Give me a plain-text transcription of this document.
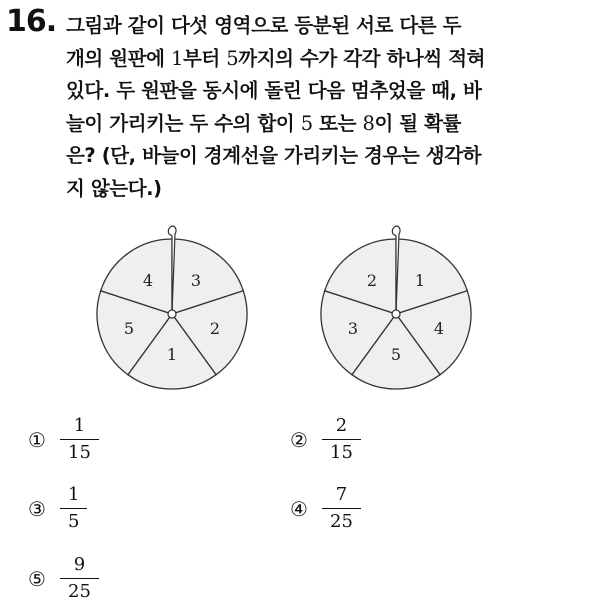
16. 그림과 같이 다섯 영역으로 등분된 서로 다른 두
개의 원판에 1부터 5까지의 수가 각각 하나씩 적혀
있다. 두 원판을 동시에 돌린 다음 멈추었을 때, 바
늘이 가리키는 두 수의 합이 5 또는 8이 될 확률
은? (단, 바늘이 경계선을 가리키는 경우는 생각하
지 않는다.)
3
2
1
5
4	1
4
5
3
2
①	$\frac{1}{15}$	②	$\frac{2}{15}$
③	$\frac{1}{5}$	④	$\frac{7}{25}$
⑤	$\frac{9}{25}$
